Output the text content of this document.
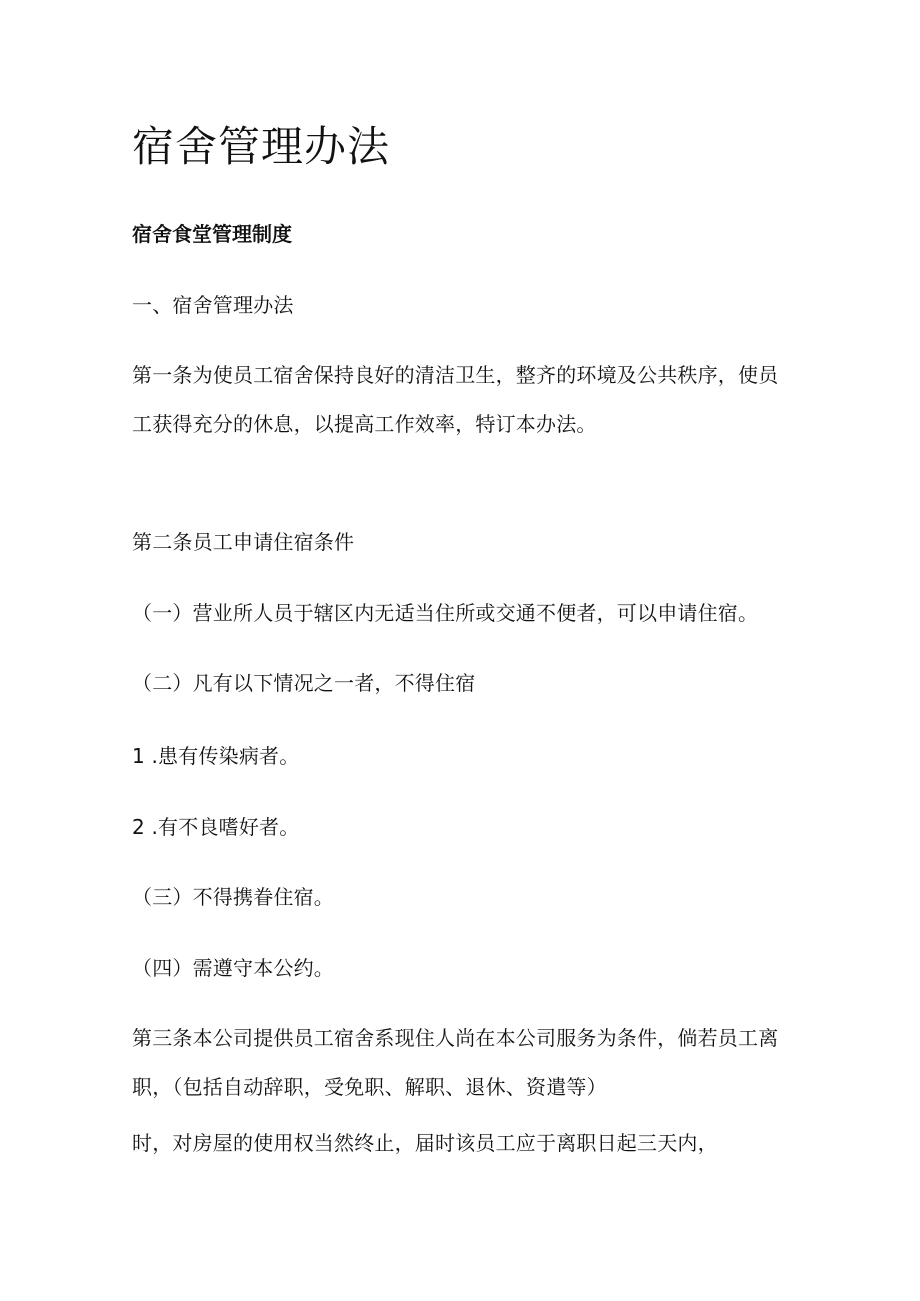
宿舍管理办法
宿舍食堂管理制度
一、宿舍管理办法
第一条为使员工宿舍保持良好的清洁卫生，整齐的环境及公共秩序，使员
工获得充分的休息，以提高工作效率，特订本办法。
第二条员工申请住宿条件
（一）营业所人员于辖区内无适当住所或交通不便者，可以申请住宿。
（二）凡有以下情况之一者，不得住宿
1 .患有传染病者。
2 .有不良嗜好者。
（三）不得携眷住宿。
（四）需遵守本公约。
第三条本公司提供员工宿舍系现住人尚在本公司服务为条件，倘若员工离
职，（包括自动辞职，受免职、解职、退休、资遣等）
时，对房屋的使用权当然终止，届时该员工应于离职日起三天内，
